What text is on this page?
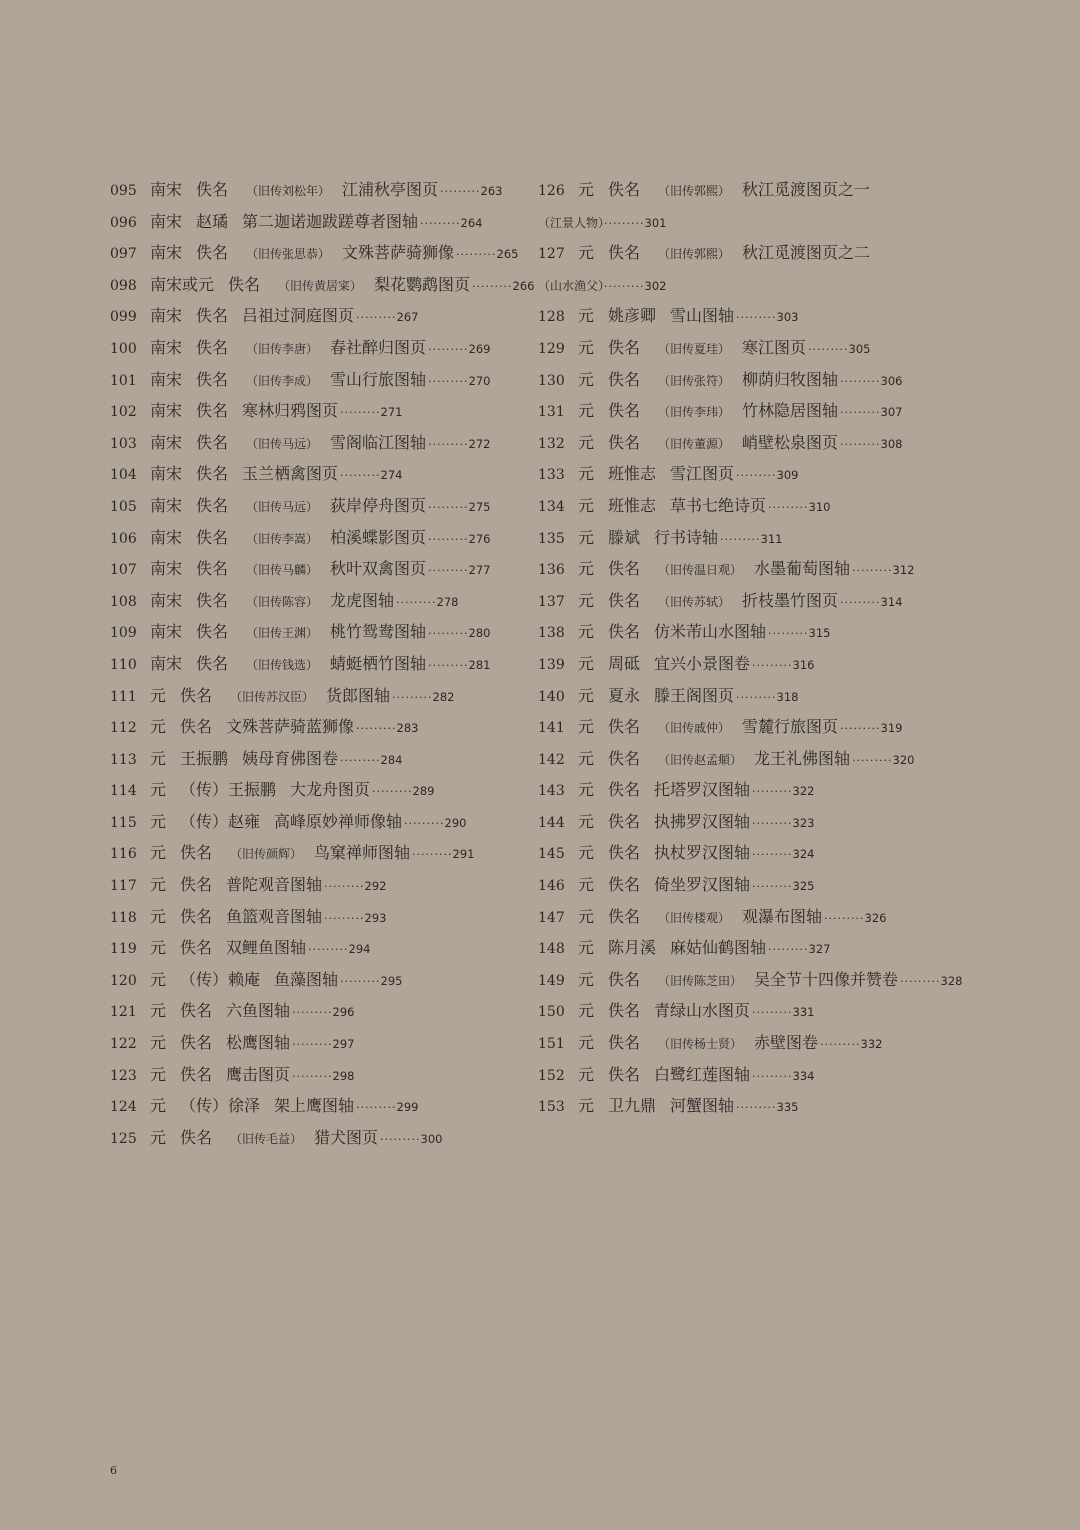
095 南宋 佚名 （旧传刘松年） 江浦秋亭图页 ·········263
096 南宋 赵璚 第二迦诺迦跋蹉尊者图轴 ·········264
097 南宋 佚名 （旧传张思恭） 文殊菩萨骑狮像 ·········265
098 南宋或元 佚名 （旧传黄居寀） 梨花鹦鹉图页 ·········266
099 南宋 佚名 吕祖过洞庭图页 ·········267
100 南宋 佚名 （旧传李唐） 春社醉归图页 ·········269
101 南宋 佚名 （旧传李成） 雪山行旅图轴 ·········270
102 南宋 佚名 寒林归鸦图页 ·········271
103 南宋 佚名 （旧传马远） 雪阁临江图轴 ·········272
104 南宋 佚名 玉兰栖禽图页 ·········274
105 南宋 佚名 （旧传马远） 荻岸停舟图页 ·········275
106 南宋 佚名 （旧传李嵩） 柏溪蝶影图页 ·········276
107 南宋 佚名 （旧传马麟） 秋叶双禽图页 ·········277
108 南宋 佚名 （旧传陈容） 龙虎图轴 ·········278
109 南宋 佚名 （旧传王渊） 桃竹鸳鸯图轴 ·········280
110 南宋 佚名 （旧传钱选） 蜻蜓栖竹图轴 ·········281
111 元 佚名 （旧传苏汉臣） 货郎图轴 ·········282
112 元 佚名 文殊菩萨骑蓝狮像 ·········283
113 元 王振鹏 姨母育佛图卷 ·········284
114 元 （传）王振鹏 大龙舟图页 ·········289
115 元 （传）赵雍 高峰原妙禅师像轴 ·········290
116 元 佚名 （旧传颜辉） 鸟窠禅师图轴 ·········291
117 元 佚名 普陀观音图轴 ·········292
118 元 佚名 鱼篮观音图轴 ·········293
119 元 佚名 双鲤鱼图轴 ·········294
120 元 （传）赖庵 鱼藻图轴 ·········295
121 元 佚名 六鱼图轴 ·········296
122 元 佚名 松鹰图轴 ·········297
123 元 佚名 鹰击图页 ·········298
124 元 （传）徐泽 架上鹰图轴 ·········299
125 元 佚名 （旧传毛益） 猎犬图页 ·········300
126 元 佚名 （旧传郭熙） 秋江觅渡图页之一
（江景人物）·········301
127 元 佚名 （旧传郭熙） 秋江觅渡图页之二
（山水渔父）·········302
128 元 姚彦卿 雪山图轴 ·········303
129 元 佚名 （旧传夏珪） 寒江图页 ·········305
130 元 佚名 （旧传张符） 柳荫归牧图轴 ·········306
131 元 佚名 （旧传李玮） 竹林隐居图轴 ·········307
132 元 佚名 （旧传董源） 峭壁松泉图页 ·········308
133 元 班惟志 雪江图页 ·········309
134 元 班惟志 草书七绝诗页 ·········310
135 元 滕斌 行书诗轴 ·········311
136 元 佚名 （旧传温日观） 水墨葡萄图轴 ·········312
137 元 佚名 （旧传苏轼） 折枝墨竹图页 ·········314
138 元 佚名 仿米芾山水图轴 ·········315
139 元 周砥 宜兴小景图卷 ·········316
140 元 夏永 滕王阁图页 ·········318
141 元 佚名 （旧传戚仲） 雪麓行旅图页 ·········319
142 元 佚名 （旧传赵孟頫） 龙王礼佛图轴 ·········320
143 元 佚名 托塔罗汉图轴 ·········322
144 元 佚名 执拂罗汉图轴 ·········323
145 元 佚名 执杖罗汉图轴 ·········324
146 元 佚名 倚坐罗汉图轴 ·········325
147 元 佚名 （旧传楼观） 观瀑布图轴 ·········326
148 元 陈月溪 麻姑仙鹤图轴 ·········327
149 元 佚名 （旧传陈芝田） 吴全节十四像并赞卷 ·········328
150 元 佚名 青绿山水图页 ·········331
151 元 佚名 （旧传杨士贤） 赤壁图卷 ·········332
152 元 佚名 白鹭红莲图轴 ·········334
153 元 卫九鼎 河蟹图轴 ·········335
6
